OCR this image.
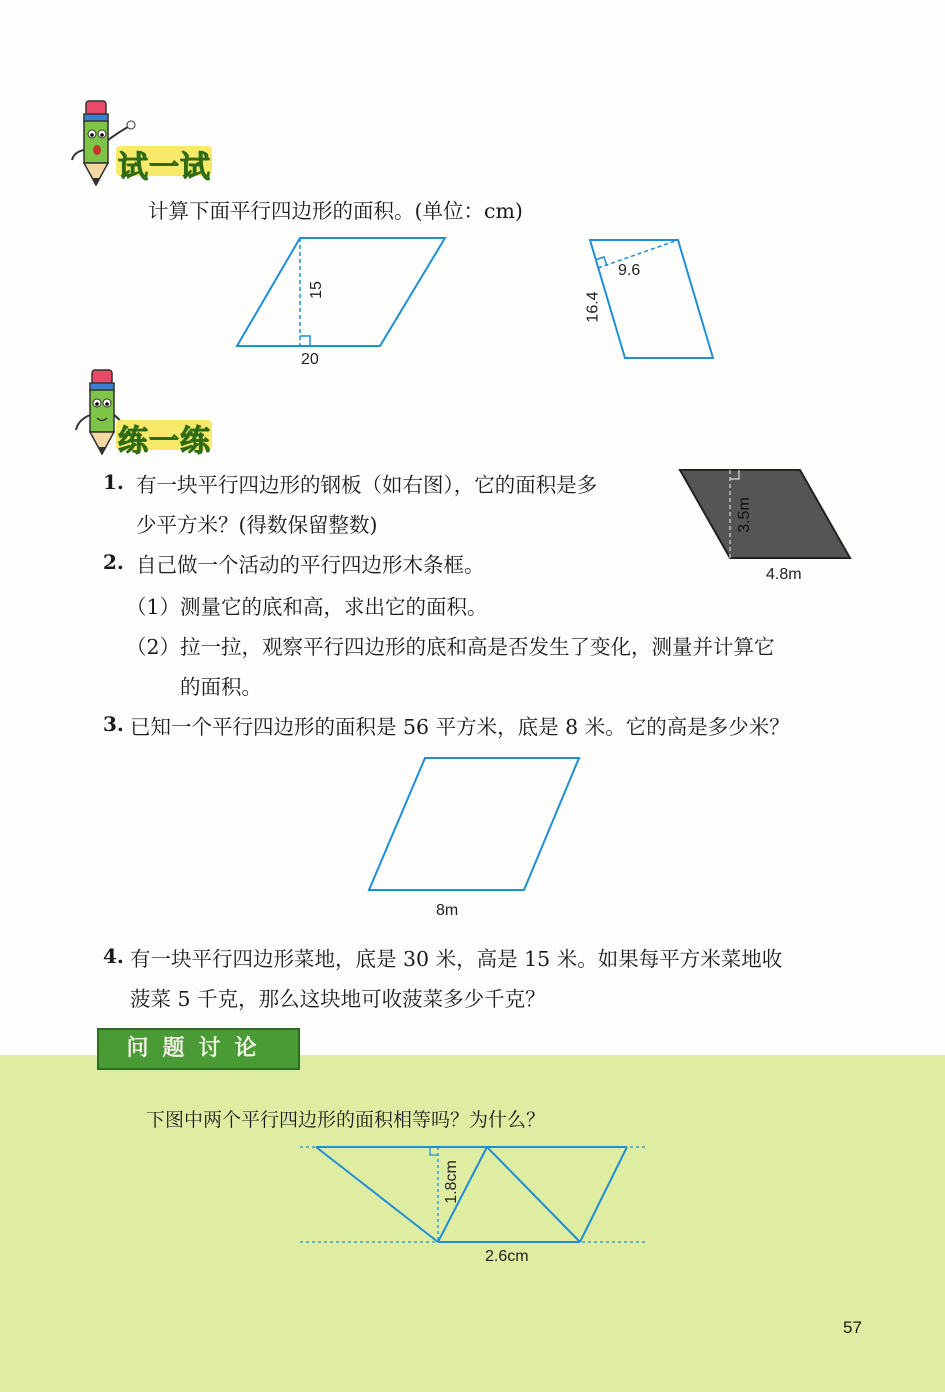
试一试
计算下面平行四边形的面积。(单位：cm)
15
20
9.6
16.4
练一练
1. 有一块平行四边形的钢板（如右图），它的面积是多
少平方米？(得数保留整数)	3.5m
4.8m
2. 自己做一个活动的平行四边形木条框。
（1）测量它的底和高，求出它的面积。
（2）拉一拉，观察平行四边形的底和高是否发生了变化，测量并计算它
的面积。
3. 已知一个平行四边形的面积是 56 平方米，底是 8 米。它的高是多少米？
8m
4. 有一块平行四边形菜地，底是 30 米，高是 15 米。如果每平方米菜地收
菠菜 5 千克，那么这块地可收菠菜多少千克？
问题讨论
下图中两个平行四边形的面积相等吗？为什么？
1.8cm
2.6cm
57
